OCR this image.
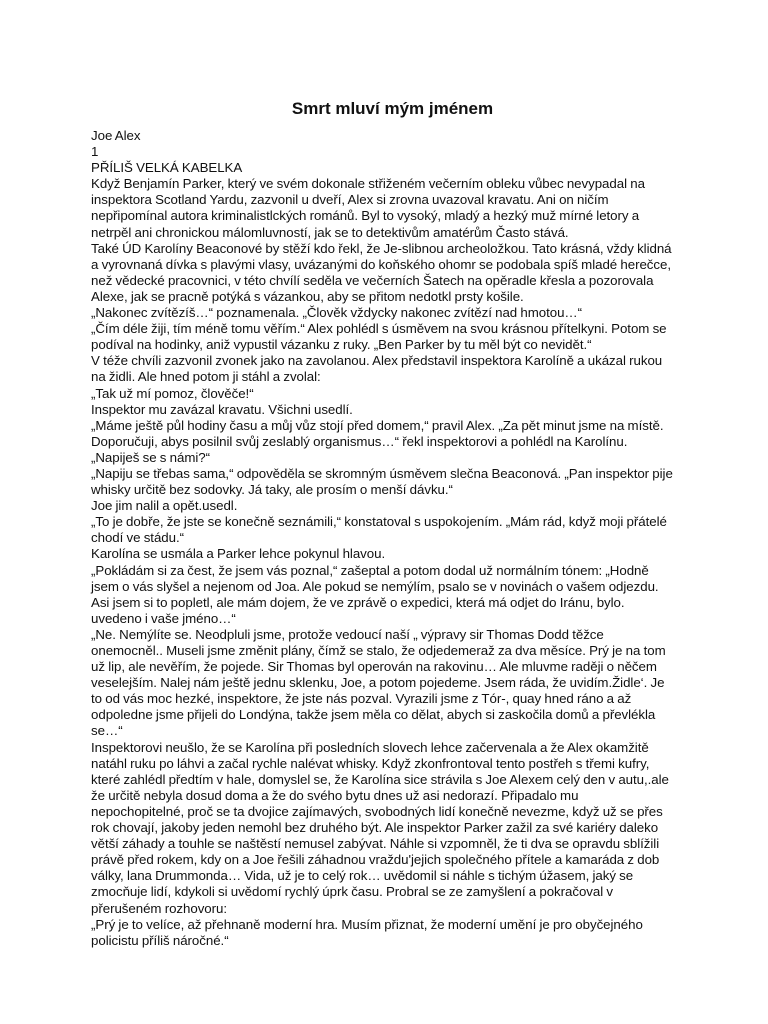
Smrt mluví mým jménem
Joe Alex
1
PŘÍLIŠ VELKÁ KABELKA
Když Benjamín Parker, který ve svém dokonale střiženém večerním obleku vůbec nevypadal na
inspektora Scotland Yardu, zazvonil u dveří, Alex si zrovna uvazoval kravatu. Ani on ničím
nepřipomínal autora kriminalistlckých románů. Byl to vysoký, mladý a hezký muž mírné letory a
netrpěl ani chronickou málomluvností, jak se to detektivům amatérům Často stává.
Také ÚD Karolíny Beaconové by stěží kdo řekl, že Je-slibnou archeoložkou. Tato krásná, vždy klidná
a vyrovnaná dívka s plavými vlasy, uvázanými do koňského ohomr se podobala spíš mladé herečce,
než vědecké pracovnici, v této chvílí seděla ve večerních Šatech na opěradle křesla a pozorovala
Alexe, jak se pracně potýká s vázankou, aby se přitom nedotkl prsty košile.
„Nakonec zvítězíš…“ poznamenala. „Člověk vždycky nakonec zvítězí nad hmotou…“
„Čím déle žiji, tím méně tomu věřím.“ Alex pohlédl s úsměvem na svou krásnou přítelkyni. Potom se
podíval na hodinky, aniž vypustil vázanku z ruky. „Ben Parker by tu měl být co nevidět.“
V téže chvíli zazvonil zvonek jako na zavolanou. Alex představil inspektora Karolíně a ukázal rukou
na židli. Ale hned potom ji stáhl a zvolal:
„Tak už mí pomoz, člověče!“
Inspektor mu zavázal kravatu. Všichni usedlí.
„Máme ještě půl hodiny času a můj vůz stojí před domem,“ pravil Alex. „Za pět minut jsme na místě.
Doporučuji, abys posilnil svůj zeslablý organismus…“ řekl inspektorovi a pohlédl na Karolínu.
„Napiješ se s námi?“
„Napiju se třebas sama,“ odpověděla se skromným úsměvem slečna Beaconová. „Pan inspektor pije
whisky určitě bez sodovky. Já taky, ale prosím o menší dávku.“
Joe jim nalil a opět.usedl.
„To je dobře, že jste se konečně seznámili,“ konstatoval s uspokojením. „Mám rád, když moji přátelé
chodí ve stádu.“
Karolína se usmála a Parker lehce pokynul hlavou.
„Pokládám si za čest, že jsem vás poznal,“ zašeptal a potom dodal už normálním tónem: „Hodně
jsem o vás slyšel a nejenom od Joa. Ale pokud se nemýlím, psalo se v novinách o vašem odjezdu.
Asi jsem si to popletl, ale mám dojem, že ve zprávě o expedici, která má odjet do Iránu, bylo.
uvedeno i vaše jméno…“
„Ne. Nemýlíte se. Neodpluli jsme, protože vedoucí naší „ výpravy sir Thomas Dodd těžce
onemocněl.. Museli jsme změnit plány, čímž se stalo, že odjedemeraž za dva měsíce. Prý je na tom
už lip, ale nevěřím, že pojede. Sir Thomas byl operován na rakovinu… Ale mluvme raději o něčem
veselejším. Nalej nám ještě jednu sklenku, Joe, a potom pojedeme. Jsem ráda, že uvidím.Židle‘. Je
to od vás moc hezké, inspektore, že jste nás pozval. Vyrazili jsme z Tór-, quay hned ráno a až
odpoledne jsme přijeli do Londýna, takže jsem měla co dělat, abych si zaskočila domů a převlékla
se…“
Inspektorovi neušlo, že se Karolína při posledních slovech lehce začervenala a že Alex okamžitě
natáhl ruku po láhvi a začal rychle nalévat whisky. Když zkonfrontoval tento postřeh s třemi kufry,
které zahlédl předtím v hale, domyslel se, že Karolína sice strávila s Joe Alexem celý den v autu,.ale
že určitě nebyla dosud doma a že do svého bytu dnes už asi nedorazí. Připadalo mu
nepochopitelné, proč se ta dvojice zajímavých, svobodných lidí konečně nevezme, když už se přes
rok chovají, jakoby jeden nemohl bez druhého být. Ale inspektor Parker zažil za své kariéry daleko
větší záhady a touhle se naštěstí nemusel zabývat. Náhle si vzpomněl, že ti dva se opravdu sblížili
právě před rokem, kdy on a Joe řešili záhadnou vraždu'jejich společného přítele a kamaráda z dob
války, lana Drummonda… Vida, už je to celý rok… uvědomil si náhle s tichým úžasem, jaký se
zmocňuje lidí, kdykoli si uvědomí rychlý úprk času. Probral se ze zamyšlení a pokračoval v
přerušeném rozhovoru:
„Prý je to velíce, až přehnaně moderní hra. Musím přiznat, že moderní umění je pro obyčejného
policistu příliš náročné.“
